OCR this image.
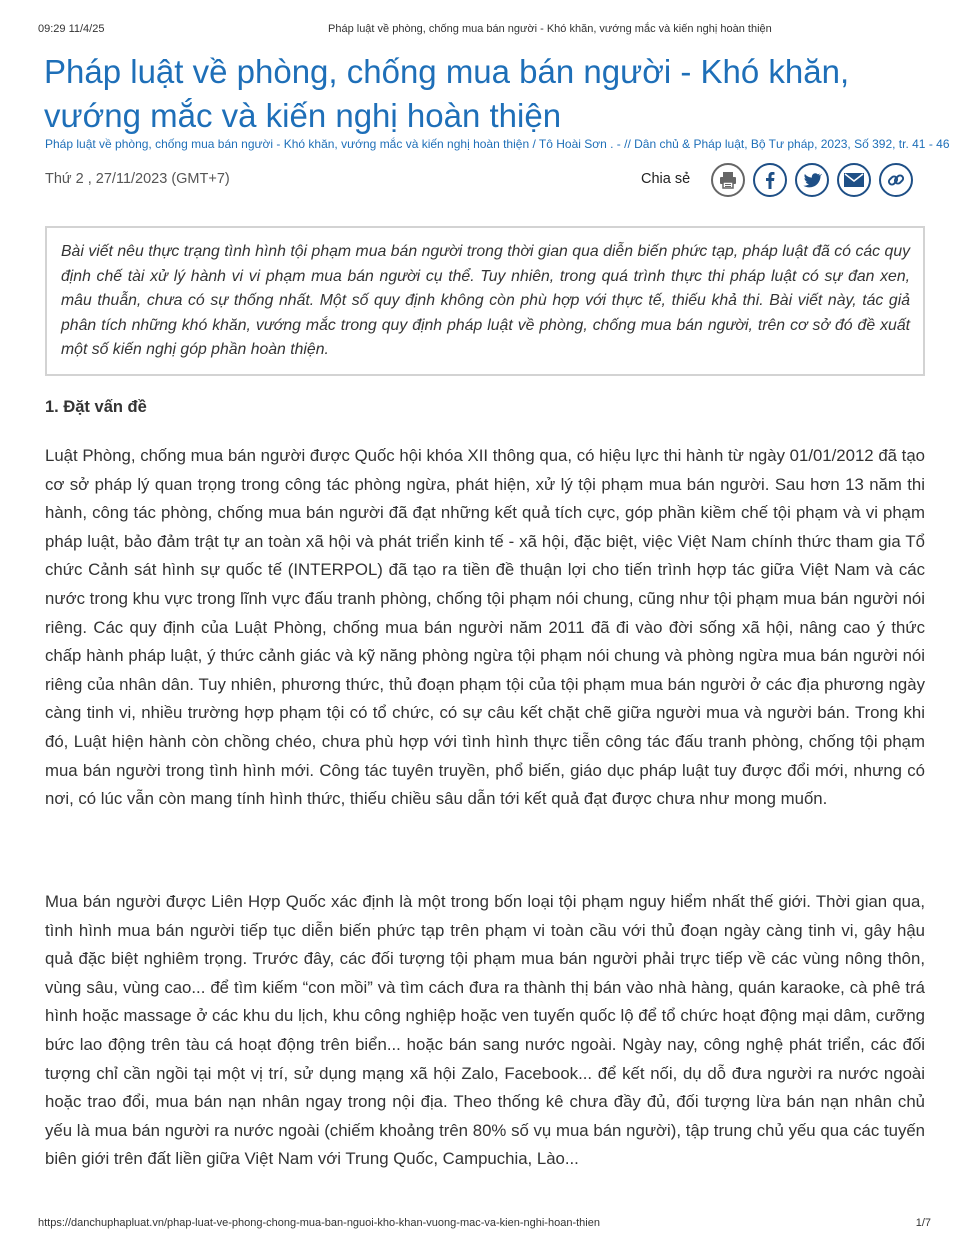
09:29 11/4/25	Pháp luật về phòng, chống mua bán người - Khó khăn, vướng mắc và kiến nghị hoàn thiện
Pháp luật về phòng, chống mua bán người - Khó khăn, vướng mắc và kiến nghị hoàn thiện

Pháp luật về phòng, chống mua bán người - Khó khăn, vướng mắc và kiến nghị hoàn thiện / Tô Hoài Sơn . - // Dân chủ & Pháp luật, Bộ Tư pháp, 2023, Số 392, tr. 41 - 46

Thứ 2 , 27/11/2023 (GMT+7)	Chia sẻ
Bài viết nêu thực trạng tình hình tội phạm mua bán người trong thời gian qua diễn biến phức tạp, pháp luật đã có các quy định chế tài xử lý hành vi vi phạm mua bán người cụ thể. Tuy nhiên, trong quá trình thực thi pháp luật có sự đan xen, mâu thuẫn, chưa có sự thống nhất. Một số quy định không còn phù hợp với thực tế, thiếu khả thi. Bài viết này, tác giả phân tích những khó khăn, vướng mắc trong quy định pháp luật về phòng, chống mua bán người, trên cơ sở đó đề xuất một số kiến nghị góp phần hoàn thiện.
1. Đặt vấn đề

Luật Phòng, chống mua bán người được Quốc hội khóa XII thông qua, có hiệu lực thi hành từ ngày 01/01/2012 đã tạo cơ sở pháp lý quan trọng trong công tác phòng ngừa, phát hiện, xử lý tội phạm mua bán người. Sau hơn 13 năm thi hành, công tác phòng, chống mua bán người đã đạt những kết quả tích cực, góp phần kiềm chế tội phạm và vi phạm pháp luật, bảo đảm trật tự an toàn xã hội và phát triển kinh tế - xã hội, đặc biệt, việc Việt Nam chính thức tham gia Tổ chức Cảnh sát hình sự quốc tế (INTERPOL) đã tạo ra tiền đề thuận lợi cho tiến trình hợp tác giữa Việt Nam và các nước trong khu vực trong lĩnh vực đấu tranh phòng, chống tội phạm nói chung, cũng như tội phạm mua bán người nói riêng. Các quy định của Luật Phòng, chống mua bán người năm 2011 đã đi vào đời sống xã hội, nâng cao ý thức chấp hành pháp luật, ý thức cảnh giác và kỹ năng phòng ngừa tội phạm nói chung và phòng ngừa mua bán người nói riêng của nhân dân. Tuy nhiên, phương thức, thủ đoạn phạm tội của tội phạm mua bán người ở các địa phương ngày càng tinh vi, nhiều trường hợp phạm tội có tổ chức, có sự câu kết chặt chẽ giữa người mua và người bán. Trong khi đó, Luật hiện hành còn chồng chéo, chưa phù hợp với tình hình thực tiễn công tác đấu tranh phòng, chống tội phạm mua bán người trong tình hình mới. Công tác tuyên truyền, phổ biến, giáo dục pháp luật tuy được đổi mới, nhưng có nơi, có lúc vẫn còn mang tính hình thức, thiếu chiều sâu dẫn tới kết quả đạt được chưa như mong muốn.

Mua bán người được Liên Hợp Quốc xác định là một trong bốn loại tội phạm nguy hiểm nhất thế giới. Thời gian qua, tình hình mua bán người tiếp tục diễn biến phức tạp trên phạm vi toàn cầu với thủ đoạn ngày càng tinh vi, gây hậu quả đặc biệt nghiêm trọng. Trước đây, các đối tượng tội phạm mua bán người phải trực tiếp về các vùng nông thôn, vùng sâu, vùng cao... để tìm kiếm “con mồi” và tìm cách đưa ra thành thị bán vào nhà hàng, quán karaoke, cà phê trá hình hoặc massage ở các khu du lịch, khu công nghiệp hoặc ven tuyến quốc lộ để tổ chức hoạt động mại dâm, cưỡng bức lao động trên tàu cá hoạt động trên biển... hoặc bán sang nước ngoài. Ngày nay, công nghệ phát triển, các đối tượng chỉ cần ngồi tại một vị trí, sử dụng mạng xã hội Zalo, Facebook... để kết nối, dụ dỗ đưa người ra nước ngoài hoặc trao đổi, mua bán nạn nhân ngay trong nội địa. Theo thống kê chưa đầy đủ, đối tượng lừa bán nạn nhân chủ yếu là mua bán người ra nước ngoài (chiếm khoảng trên 80% số vụ mua bán người), tập trung chủ yếu qua các tuyến biên giới trên đất liền giữa Việt Nam với Trung Quốc, Campuchia, Lào...

https://danchuphapluat.vn/phap-luat-ve-phong-chong-mua-ban-nguoi-kho-khan-vuong-mac-va-kien-nghi-hoan-thien	1/7
